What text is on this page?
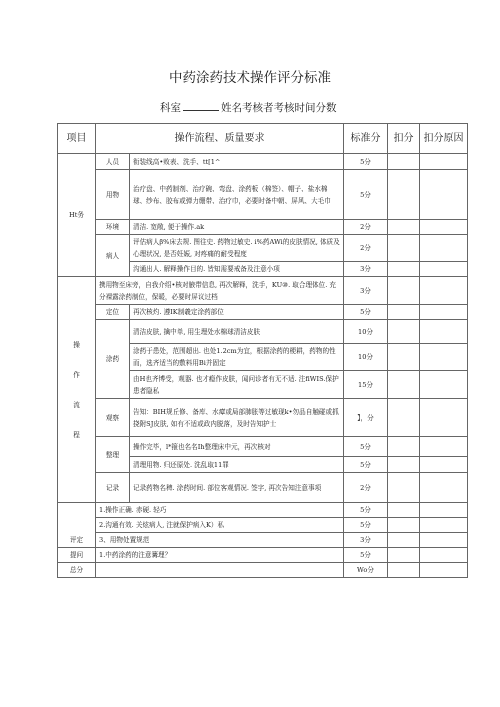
中药涂药技术操作评分标准
科室	姓名考核者考核时间分数
项目	操作流程、质量要求		标准分	扣分	扣分原因
Ht务	人员	衔装线高•败表、洗手、tt[1^	5分		
	用物	治疗盘、中药制剂、治疗碗、弯盘、涂药板（棉签）、帽子、盐水棉球、纱布、胶布或弹力绷带、治疗巾，必要时备中朝、屏风、大毛巾	5分		
	环境	清洁. 宽敞, 便于操作.ak	2分		
	病人	评估病人β%床去规. 图往史. 药物过敏史. i%药AWi的皮肤情况, 体质及心理状况, 是否妊娠, 对疼痛的耐受程度	2分		
		沟通出人. 解释操作目的. 皆知需要戒备及注意小项	3分		
操
作
流
程	携用物至床旁，自我介绍•核对腋带信息, 再次解释，洗手，KU⑩. 取合理体位. 充分裸露涂药制位，保暖，必要时屏议过档		3分		
	定位	再次核灼. 遵IK制羲定涂药部位	5分		
	涂药	清洁皮肤, 擒中单, 用生理处水棉球清洁皮肤	10分		
		涂药于患处，范围超出. 也处1.2cm为宜，根据涂药的梗耕，药物的性而，选齐适当的敷料用Bi并固定	10分		
		由H也齐博受，观器. 也才瘾作皮肤，闻问诊者有无不适. 注fiWIS.保护患者隐私	15分		
	观察	告知：BIH规丘修、备库、水瘴或局部肺胀等过敏现k•勿品自触碰或抓挠附SJ皮肤, 如有不适或政内脱落，及时告知护士	】，分		
	整理	操作完毕，l*箍也名名Ih整理床中元，再次核对	5分		
		清理用物. 归还原处. 洗乱取11罪	5分		
	记录	记录药物名稗. 涂药时间. 部位客观情况. 签字, 再次告知注意事项	2分		
评定	1.操作正确. 赤硬. 轻巧		5分		
	2.沟通有效. 关炫病人, 注就保护病入K）私		5分		
	3、用物处置规范		3分		
提问	1.中药涂药的注意篝理？		5分		
总分			Wo分		
